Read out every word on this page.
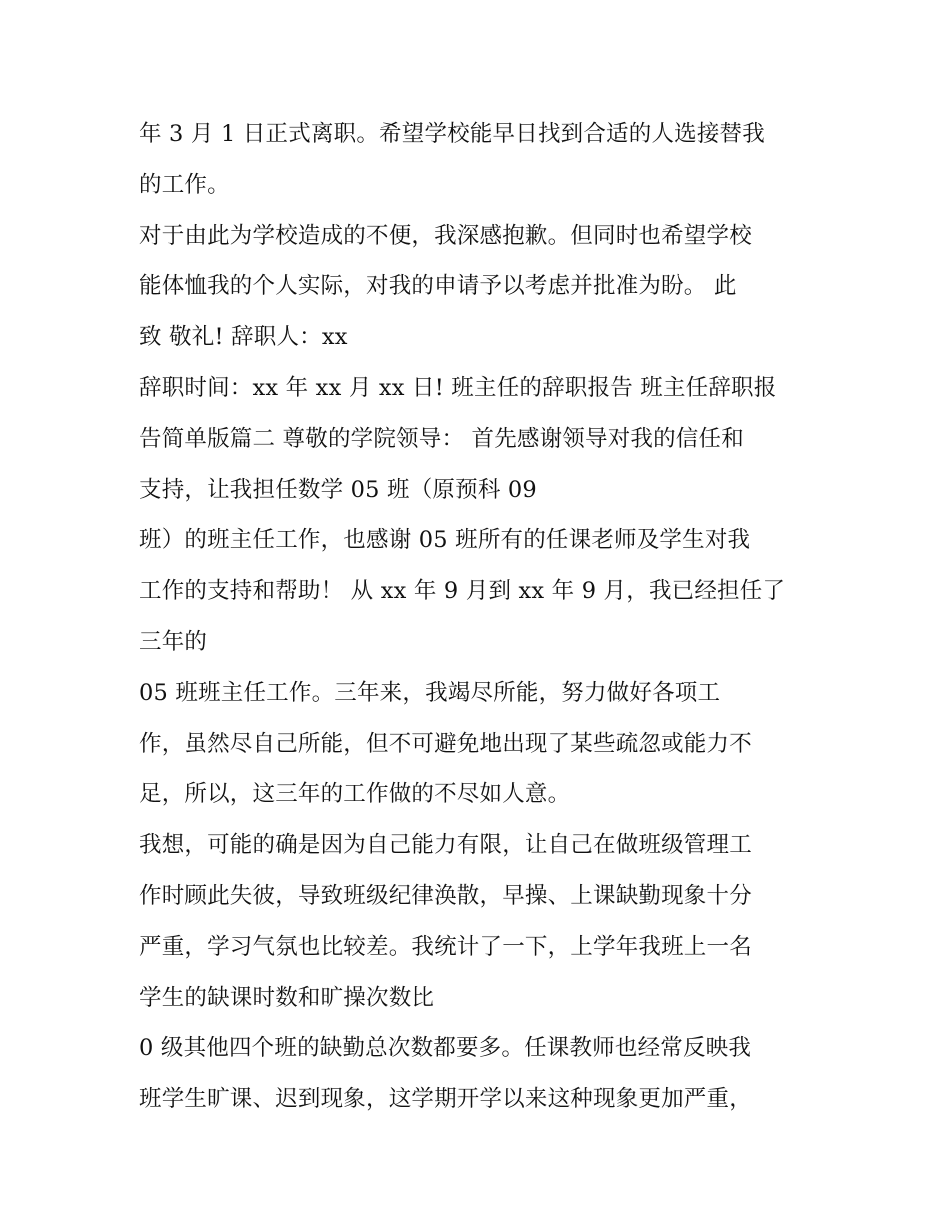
年 3 月 1 日正式离职。希望学校能早日找到合适的人选接替我
的工作。
对于由此为学校造成的不便，我深感抱歉。但同时也希望学校
能体恤我的个人实际，对我的申请予以考虑并批准为盼。 此
致 敬礼! 辞职人：xx
辞职时间：xx 年 xx 月 xx 日! 班主任的辞职报告 班主任辞职报
告简单版篇二 尊敬的学院领导： 首先感谢领导对我的信任和
支持，让我担任数学 05 班（原预科 09
班）的班主任工作，也感谢 05 班所有的任课老师及学生对我
工作的支持和帮助！ 从 xx 年 9 月到 xx 年 9 月，我已经担任了
三年的
05 班班主任工作。三年来，我竭尽所能，努力做好各项工
作，虽然尽自己所能，但不可避免地出现了某些疏忽或能力不
足，所以，这三年的工作做的不尽如人意。
我想，可能的确是因为自己能力有限，让自己在做班级管理工
作时顾此失彼，导致班级纪律涣散，早操、上课缺勤现象十分
严重，学习气氛也比较差。我统计了一下，上学年我班上一名
学生的缺课时数和旷操次数比
0 级其他四个班的缺勤总次数都要多。任课教师也经常反映我
班学生旷课、迟到现象，这学期开学以来这种现象更加严重，
